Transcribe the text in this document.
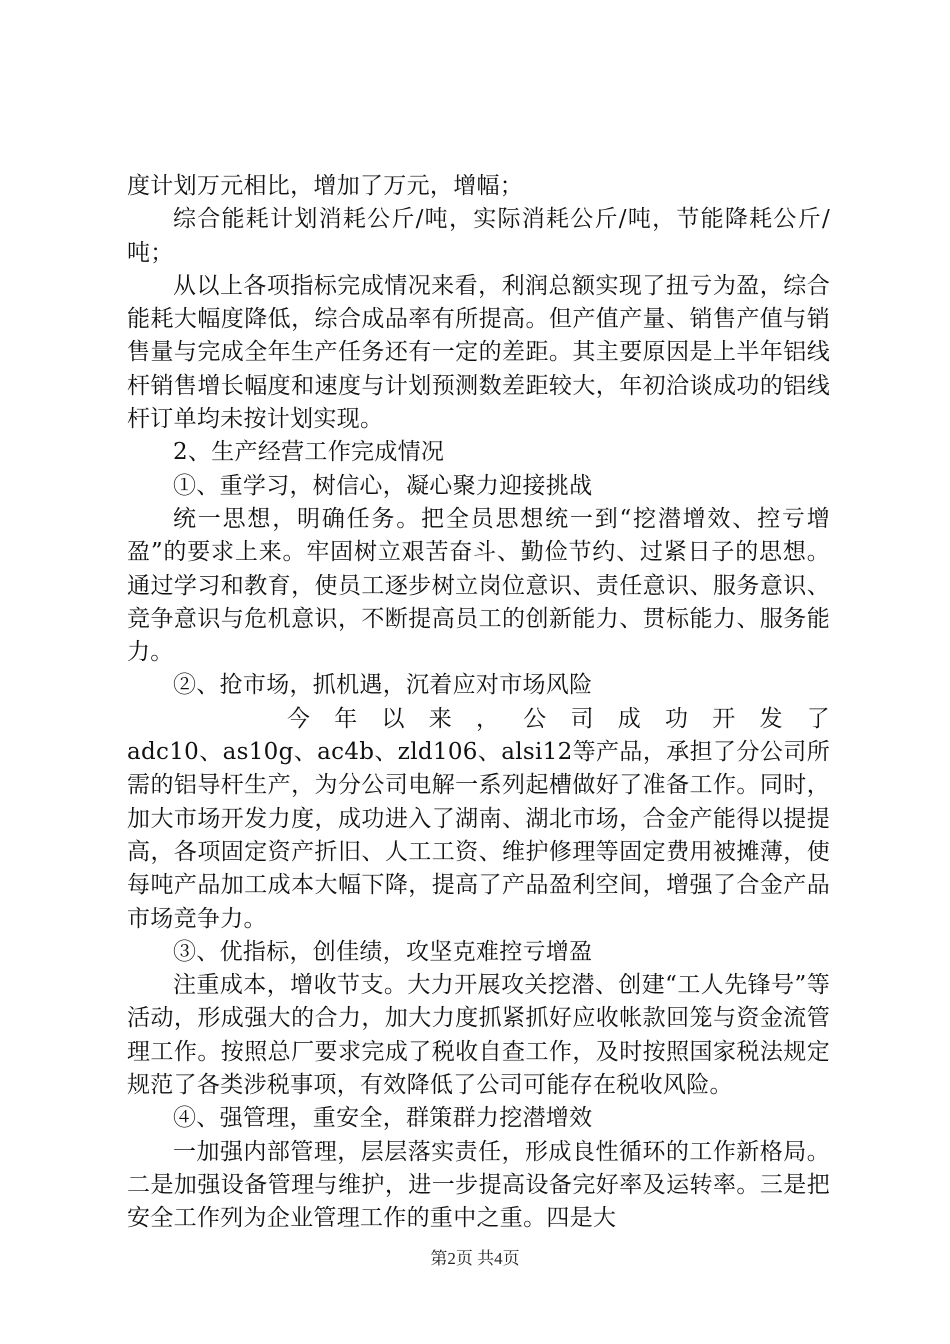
度计划万元相比，增加了万元，增幅；

综合能耗计划消耗公斤/吨，实际消耗公斤/吨，节能降耗公斤/吨；

从以上各项指标完成情况来看，利润总额实现了扭亏为盈，综合能耗大幅度降低，综合成品率有所提高。但产值产量、销售产值与销售量与完成全年生产任务还有一定的差距。其主要原因是上半年铝线杆销售增长幅度和速度与计划预测数差距较大，年初洽谈成功的铝线杆订单均未按计划实现。

2、生产经营工作完成情况

①、重学习，树信心，凝心聚力迎接挑战

统一思想，明确任务。把全员思想统一到“挖潜增效、控亏增盈”的要求上来。牢固树立艰苦奋斗、勤俭节约、过紧日子的思想。通过学习和教育，使员工逐步树立岗位意识、责任意识、服务意识、竞争意识与危机意识，不断提高员工的创新能力、贯标能力、服务能力。

②、抢市场，抓机遇，沉着应对市场风险

今年以来，公司成功开发了

adc10、as10g、ac4b、zld106、alsi12等产品，承担了分公司所需的铝导杆生产，为分公司电解一系列起槽做好了准备工作。同时，加大市场开发力度，成功进入了湖南、湖北市场，合金产能得以提提高，各项固定资产折旧、人工工资、维护修理等固定费用被摊薄，使每吨产品加工成本大幅下降，提高了产品盈利空间，增强了合金产品市场竞争力。

③、优指标，创佳绩，攻坚克难控亏增盈

注重成本，增收节支。大力开展攻关挖潜、创建“工人先锋号”等活动，形成强大的合力，加大力度抓紧抓好应收帐款回笼与资金流管理工作。按照总厂要求完成了税收自查工作，及时按照国家税法规定规范了各类涉税事项，有效降低了公司可能存在税收风险。

④、强管理，重安全，群策群力挖潜增效

一加强内部管理，层层落实责任，形成良性循环的工作新格局。二是加强设备管理与维护，进一步提高设备完好率及运转率。三是把安全工作列为企业管理工作的重中之重。四是大

第2页 共4页
